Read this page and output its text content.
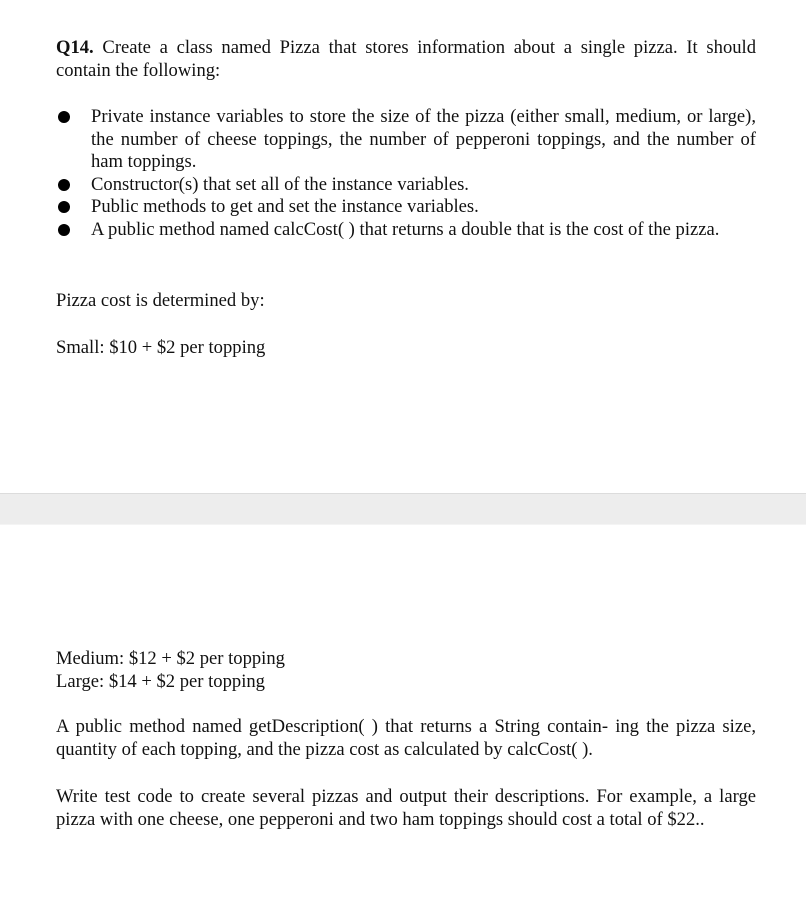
Q14. Create a class named Pizza that stores information about a single pizza. It should contain the following:

Private instance variables to store the size of the pizza (either small, medium, or large), the number of cheese toppings, the number of pepperoni toppings, and the number of ham toppings.
Constructor(s) that set all of the instance variables.
Public methods to get and set the instance variables.
A public method named calcCost( ) that returns a double that is the cost of the pizza.

Pizza cost is determined by:

Small: $10 + $2 per topping

Medium: $12 + $2 per topping

Large: $14 + $2 per topping

A public method named getDescription( ) that returns a String contain- ing the pizza size, quantity of each topping, and the pizza cost as calculated by calcCost( ).

Write test code to create several pizzas and output their descriptions. For example, a large pizza with one cheese, one pepperoni and two ham toppings should cost a total of $22..
